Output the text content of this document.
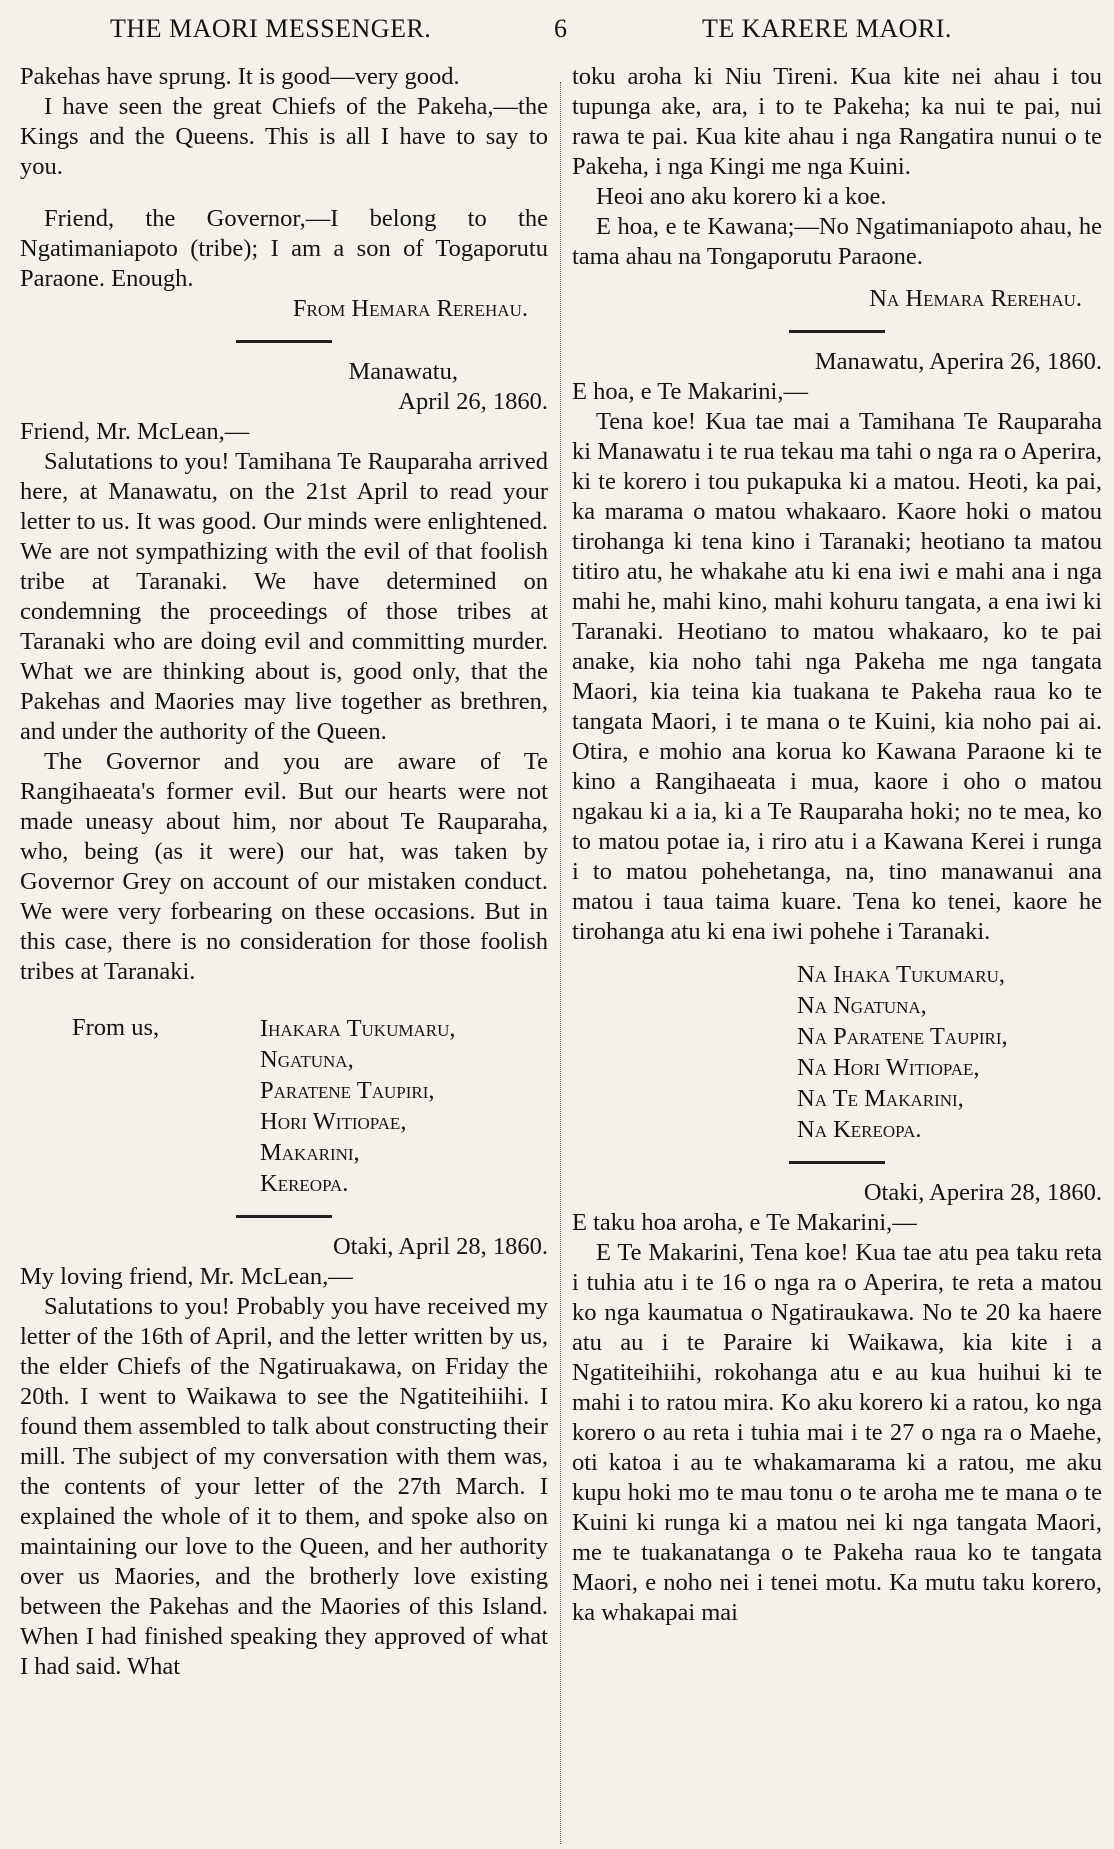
THE MAORI MESSENGER.	6	TE KARERE MAORI.

Pakehas have sprung. It is good—very good.

I have seen the great Chiefs of the Pakeha,—the Kings and the Queens. This is all I have to say to you.

Friend, the Governor,—I belong to the Ngatimaniapoto (tribe); I am a son of Togaporutu Paraone. Enough.

From Hemara Rerehau.
Manawatu,
April 26, 1860.

Friend, Mr. McLean,—

Salutations to you! Tamihana Te Rauparaha arrived here, at Manawatu, on the 21st April to read your letter to us. It was good. Our minds were enlightened. We are not sympathizing with the evil of that foolish tribe at Taranaki. We have determined on condemning the proceedings of those tribes at Taranaki who are doing evil and committing murder. What we are thinking about is, good only, that the Pakehas and Maories may live together as brethren, and under the authority of the Queen.

The Governor and you are aware of Te Rangihaeata's former evil. But our hearts were not made uneasy about him, nor about Te Rauparaha, who, being (as it were) our hat, was taken by Governor Grey on account of our mistaken conduct. We were very forbearing on these occasions. But in this case, there is no consideration for those foolish tribes at Taranaki.

From us,	Ihakara Tukumaru,
Ngatuna,
Paratene Taupiri,
Hori Witiopae,
Makarini,
Kereopa.
Otaki, April 28, 1860.

My loving friend, Mr. McLean,—

Salutations to you! Probably you have received my letter of the 16th of April, and the letter written by us, the elder Chiefs of the Ngatiruakawa, on Friday the 20th. I went to Waikawa to see the Ngatiteihiihi. I found them assembled to talk about constructing their mill. The subject of my conversation with them was, the contents of your letter of the 27th March. I explained the whole of it to them, and spoke also on maintaining our love to the Queen, and her authority over us Maories, and the brotherly love existing between the Pakehas and the Maories of this Island. When I had finished speaking they approved of what I had said. What

toku aroha ki Niu Tireni. Kua kite nei ahau i tou tupunga ake, ara, i to te Pakeha; ka nui te pai, nui rawa te pai. Kua kite ahau i nga Rangatira nunui o te Pakeha, i nga Kingi me nga Kuini.

Heoi ano aku korero ki a koe.

E hoa, e te Kawana;—No Ngatimaniapoto ahau, he tama ahau na Tongaporutu Paraone.

Na Hemara Rerehau.
Manawatu, Aperira 26, 1860.

E hoa, e Te Makarini,—

Tena koe! Kua tae mai a Tamihana Te Rauparaha ki Manawatu i te rua tekau ma tahi o nga ra o Aperira, ki te korero i tou pukapuka ki a matou. Heoti, ka pai, ka marama o matou whakaaro. Kaore hoki o matou tirohanga ki tena kino i Taranaki; heotiano ta matou titiro atu, he whakahe atu ki ena iwi e mahi ana i nga mahi he, mahi kino, mahi kohuru tangata, a ena iwi ki Taranaki. Heotiano to matou whakaaro, ko te pai anake, kia noho tahi nga Pakeha me nga tangata Maori, kia teina kia tuakana te Pakeha raua ko te tangata Maori, i te mana o te Kuini, kia noho pai ai. Otira, e mohio ana korua ko Kawana Paraone ki te kino a Rangihaeata i mua, kaore i oho o matou ngakau ki a ia, ki a Te Rauparaha hoki; no te mea, ko to matou potae ia, i riro atu i a Kawana Kerei i runga i to matou pohehetanga, na, tino manawanui ana matou i taua taima kuare. Tena ko tenei, kaore he tirohanga atu ki ena iwi pohehe i Taranaki.

Na Ihaka Tukumaru,
Na Ngatuna,
Na Paratene Taupiri,
Na Hori Witiopae,
Na Te Makarini,
Na Kereopa.
Otaki, Aperira 28, 1860.

E taku hoa aroha, e Te Makarini,—

E Te Makarini, Tena koe! Kua tae atu pea taku reta i tuhia atu i te 16 o nga ra o Aperira, te reta a matou ko nga kaumatua o Ngatiraukawa. No te 20 ka haere atu au i te Paraire ki Waikawa, kia kite i a Ngatiteihiihi, rokohanga atu e au kua huihui ki te mahi i to ratou mira. Ko aku korero ki a ratou, ko nga korero o au reta i tuhia mai i te 27 o nga ra o Maehe, oti katoa i au te whakamarama ki a ratou, me aku kupu hoki mo te mau tonu o te aroha me te mana o te Kuini ki runga ki a matou nei ki nga tangata Maori, me te tuakanatanga o te Pakeha raua ko te tangata Maori, e noho nei i tenei motu. Ka mutu taku korero, ka whakapai mai
